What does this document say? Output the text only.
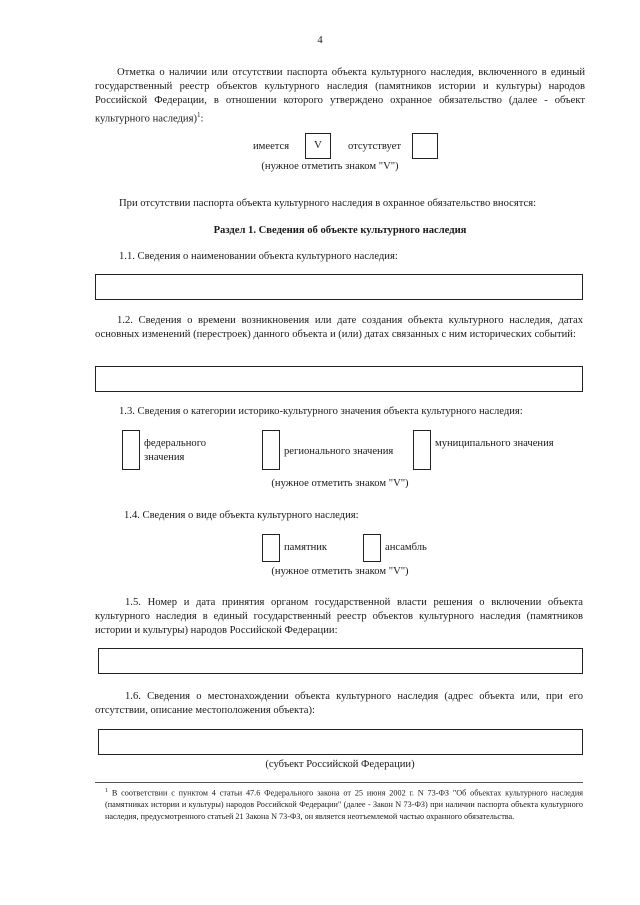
4
Отметка о наличии или отсутствии паспорта объекта культурного наследия, включенного в единый государственный реестр объектов культурного наследия (памятников истории и культуры) народов Российской Федерации, в отношении которого утверждено охранное обязательство (далее - объект культурного наследия)$^1$:
имеется	V	отсутствует
(нужное отметить знаком "V")
При отсутствии паспорта объекта культурного наследия в охранное обязательство вносятся:
Раздел 1. Сведения об объекте культурного наследия
1.1. Сведения о наименовании объекта культурного наследия:
1.2. Сведения о времени возникновения или дате создания объекта культурного наследия, датах основных изменений (перестроек) данного объекта и (или) датах связанных с ним исторических событий:
1.3. Сведения о категории историко-культурного значения объекта культурного наследия:
федерального значения
регионального значения
муниципального значения
(нужное отметить знаком "V")
1.4. Сведения о виде объекта культурного наследия:
памятник	ансамбль
(нужное отметить знаком "V")
1.5. Номер и дата принятия органом государственной власти решения о включении объекта культурного наследия в единый государственный реестр объектов культурного наследия (памятников истории и культуры) народов Российской Федерации:
1.6. Сведения о местонахождении объекта культурного наследия (адрес объекта или, при его отсутствии, описание местоположения объекта):
(субъект Российской Федерации)
$^1$ В соответствии с пунктом 4 статьи 47.6 Федерального закона от 25 июня 2002 г. N 73-ФЗ "Об объектах культурного наследия (памятниках истории и культуры) народов Российской Федерации" (далее - Закон N 73-ФЗ) при наличии паспорта объекта культурного наследия, предусмотренного статьей 21 Закона N 73-ФЗ, он является неотъемлемой частью охранного обязательства.
